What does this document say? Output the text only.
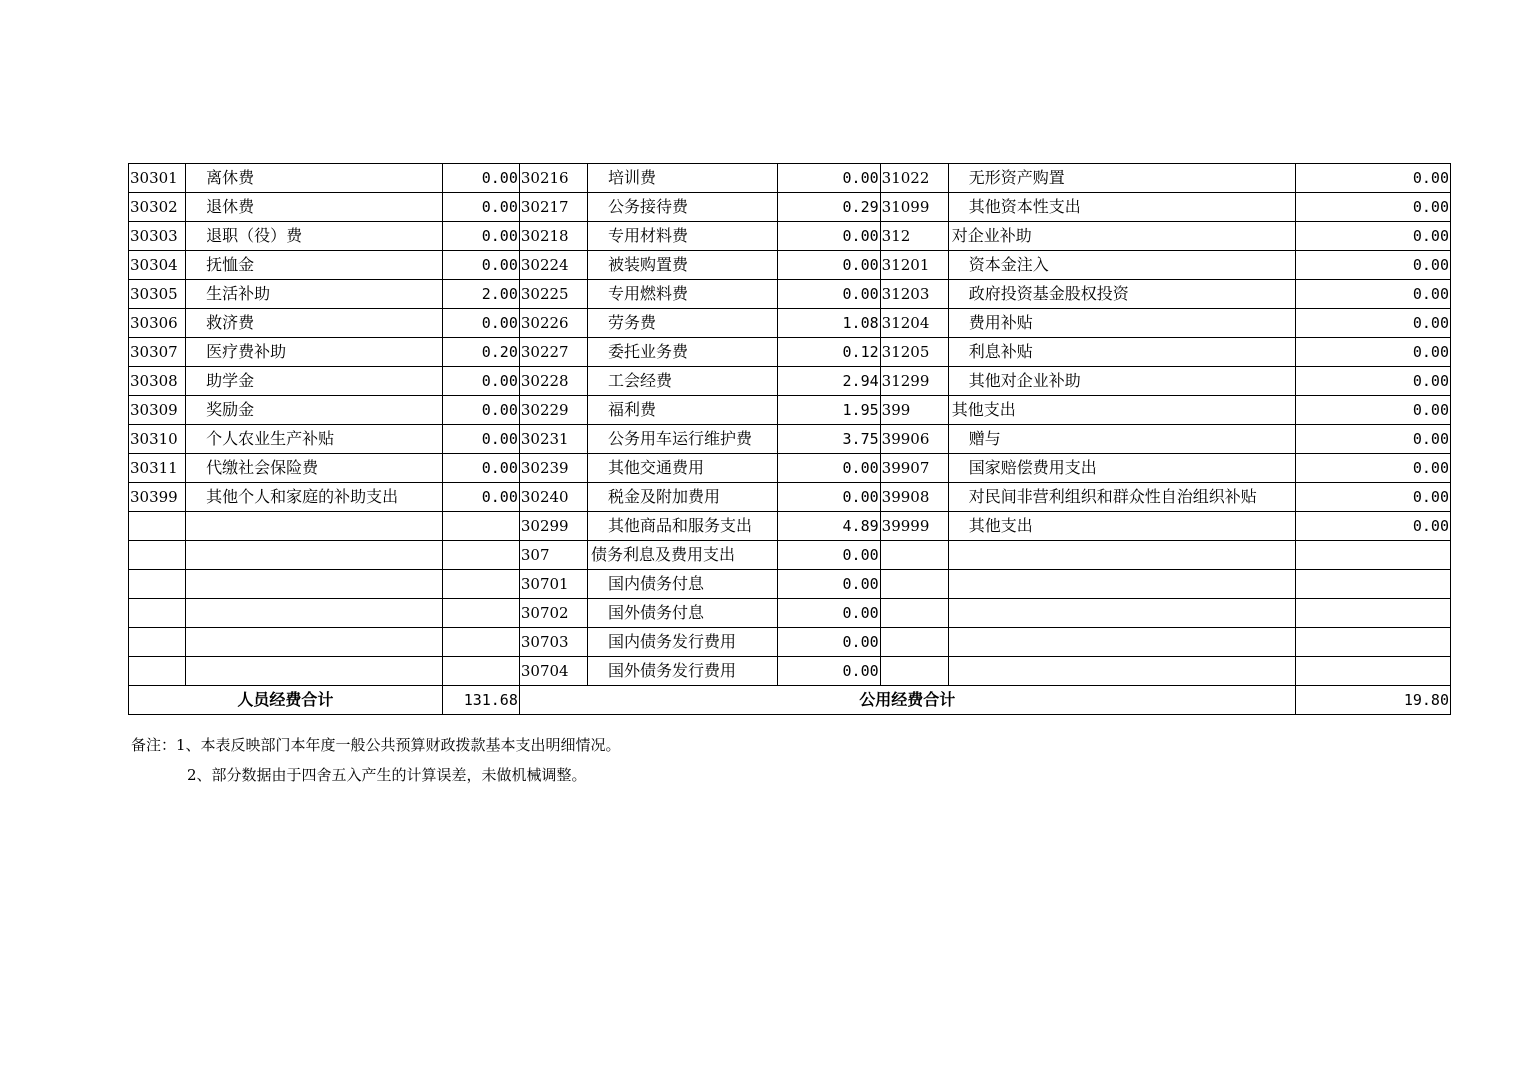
30301	离休费	0.00	30216	培训费	0.00	31022	无形资产购置	0.00
30302	退休费	0.00	30217	公务接待费	0.29	31099	其他资本性支出	0.00
30303	退职（役）费	0.00	30218	专用材料费	0.00	312	对企业补助	0.00
30304	抚恤金	0.00	30224	被装购置费	0.00	31201	资本金注入	0.00
30305	生活补助	2.00	30225	专用燃料费	0.00	31203	政府投资基金股权投资	0.00
30306	救济费	0.00	30226	劳务费	1.08	31204	费用补贴	0.00
30307	医疗费补助	0.20	30227	委托业务费	0.12	31205	利息补贴	0.00
30308	助学金	0.00	30228	工会经费	2.94	31299	其他对企业补助	0.00
30309	奖励金	0.00	30229	福利费	1.95	399	其他支出	0.00
30310	个人农业生产补贴	0.00	30231	公务用车运行维护费	3.75	39906	赠与	0.00
30311	代缴社会保险费	0.00	30239	其他交通费用	0.00	39907	国家赔偿费用支出	0.00
30399	其他个人和家庭的补助支出	0.00	30240	税金及附加费用	0.00	39908	对民间非营利组织和群众性自治组织补贴	0.00
			30299	其他商品和服务支出	4.89	39999	其他支出	0.00
			307	债务利息及费用支出	0.00			
			30701	国内债务付息	0.00			
			30702	国外债务付息	0.00			
			30703	国内债务发行费用	0.00			
			30704	国外债务发行费用	0.00			
人员经费合计		131.68	公用经费合计					19.80
备注：1、本表反映部门本年度一般公共预算财政拨款基本支出明细情况。
2、部分数据由于四舍五入产生的计算误差，未做机械调整。
